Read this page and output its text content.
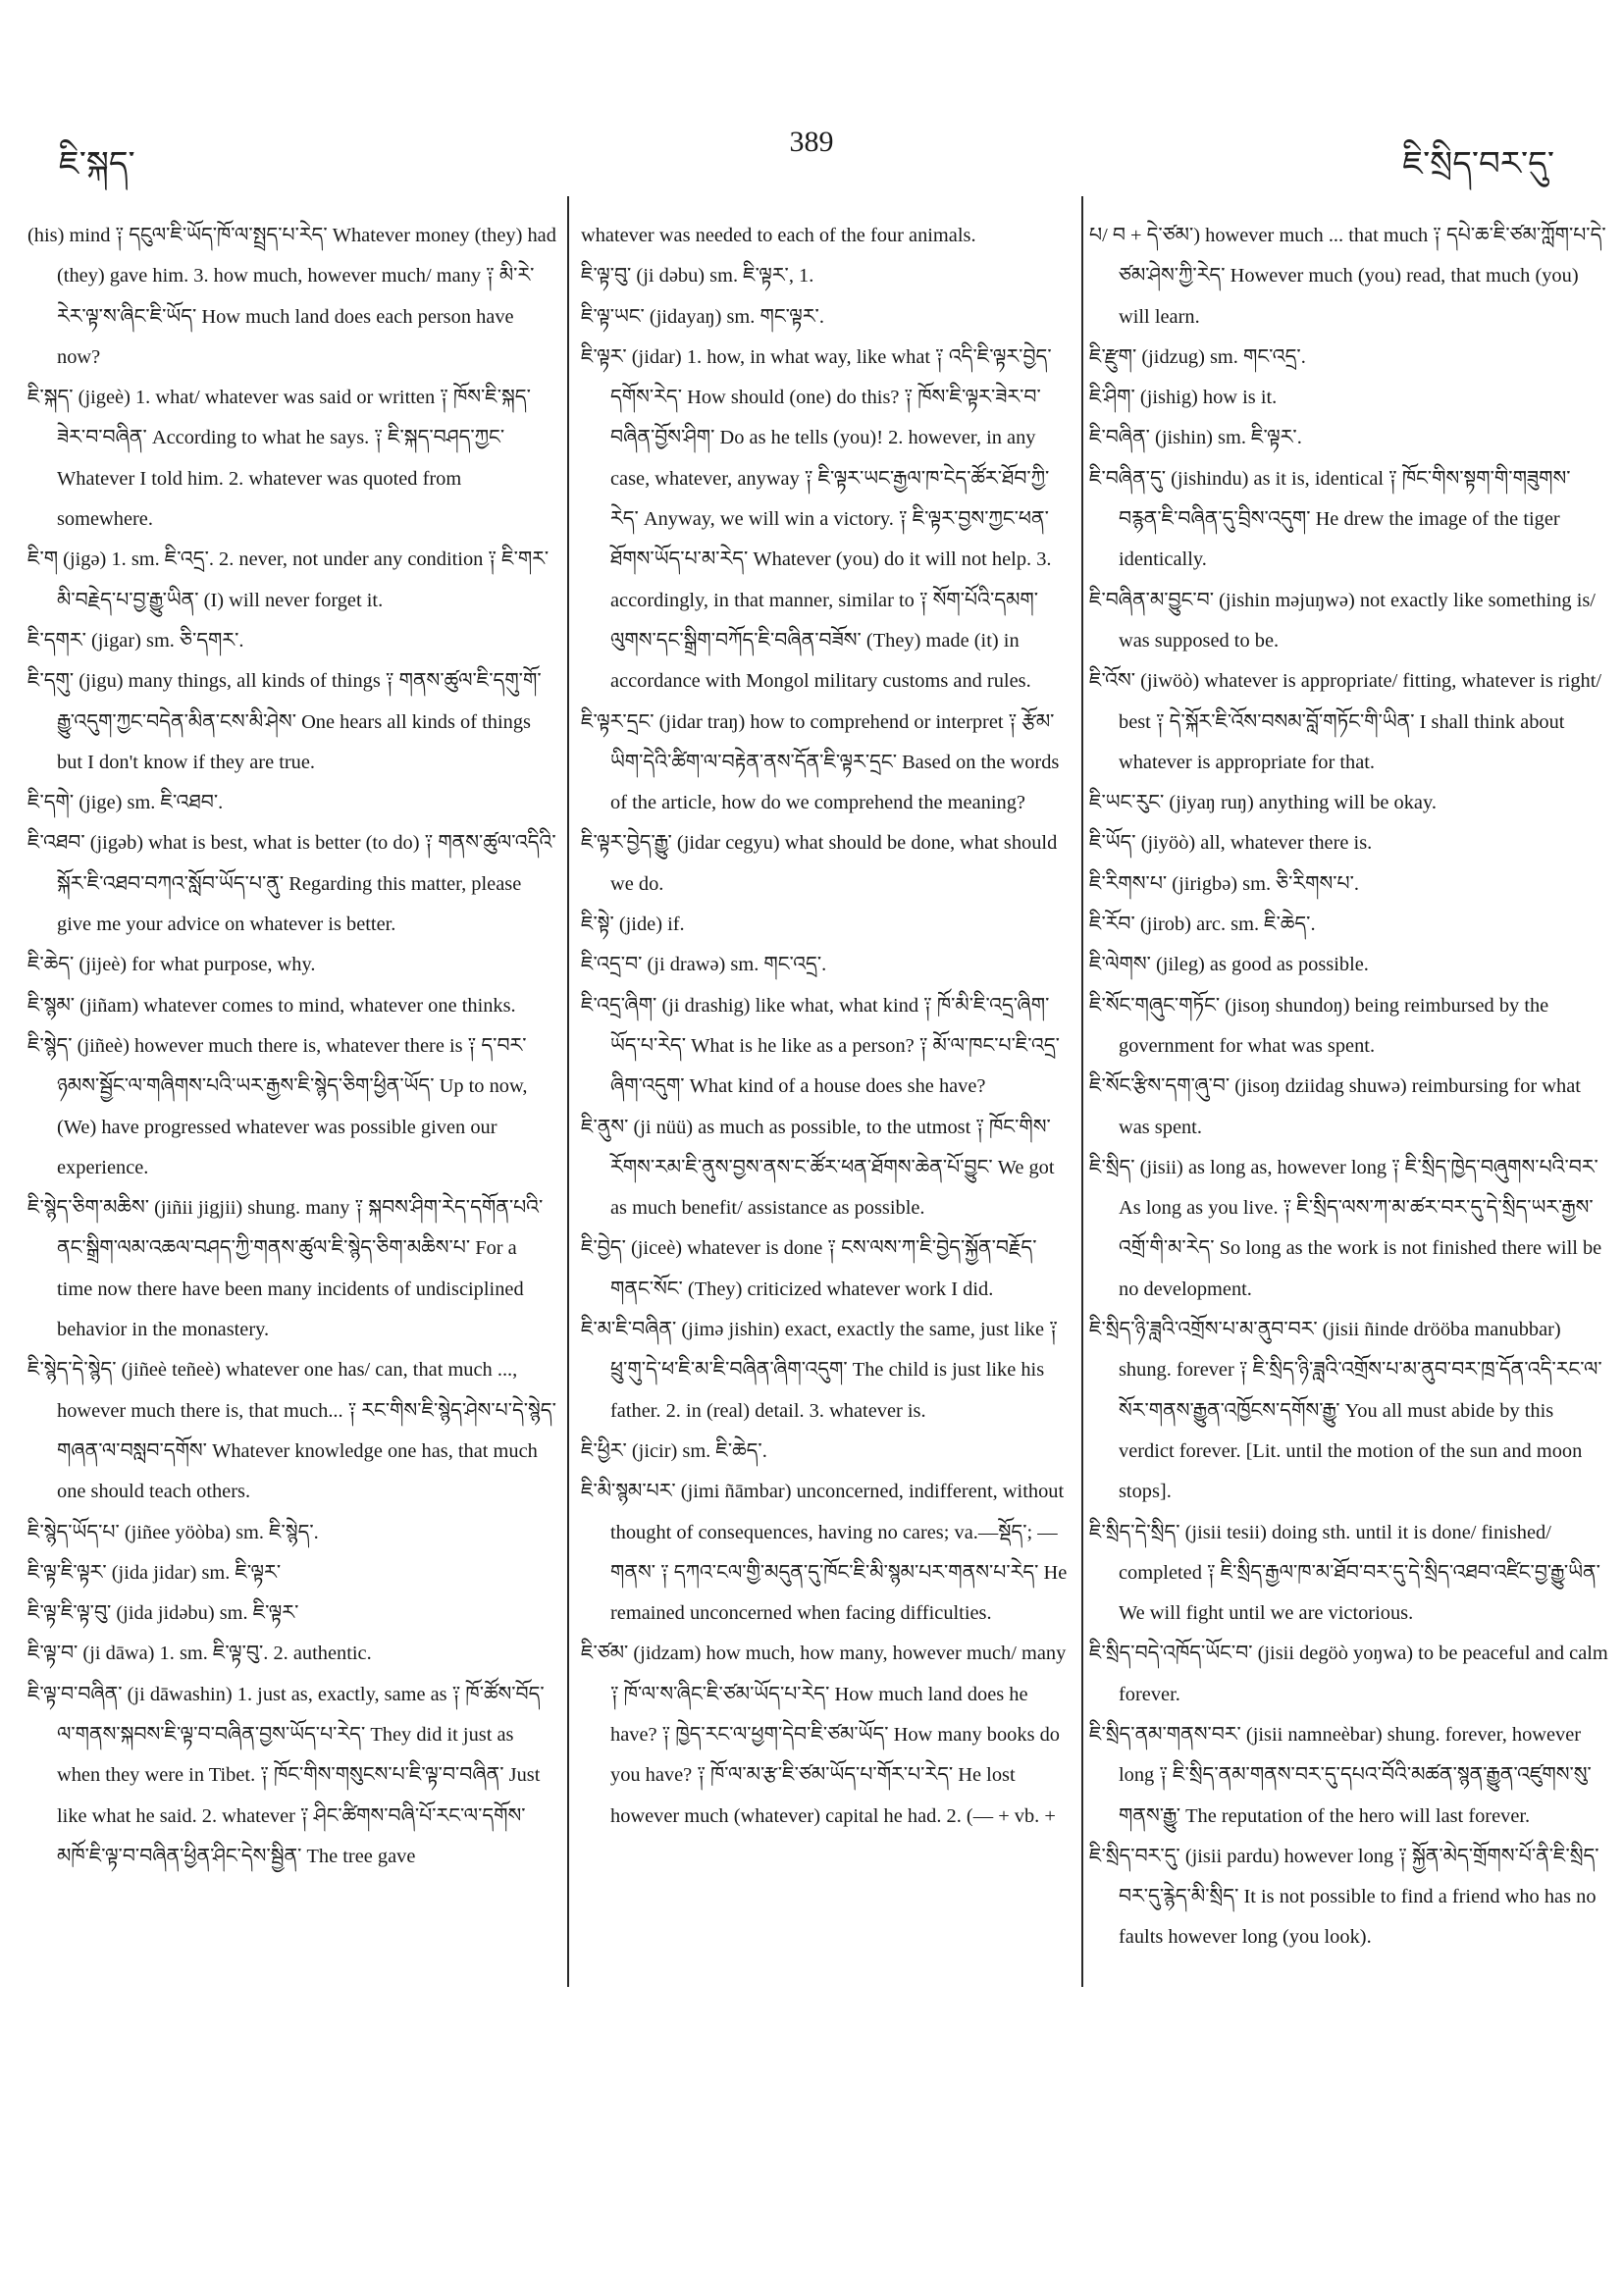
ཇི་སྐད་
389
ཇི་སྲིད་བར་དུ་

(his) mind ༑ དངུལ་ཇི་ཡོད་ཁོ་ལ་སྤྲད་པ་རེད་ Whatever money (they) had (they) gave him. 3. how much, however much/ many ༑ མི་རེ་རེར་ལྟ་ས་ཞིང་ཇི་ཡོད་ How much land does each person have now?

ཇི་སྐད་ (jigeè) 1. what/ whatever was said or written ༑ ཁོས་ཇི་སྐད་ཟེར་བ་བཞིན་ According to what he says. ༑ ཇི་སྐད་བཤད་ཀྱང་ Whatever I told him. 2. whatever was quoted from somewhere.

ཇི་ག (jigə) 1. sm. ཇི་འདྲ་. 2. never, not under any condition ༑ ཇི་གར་མི་བརྗེད་པ་བྱ་རྒྱུ་ཡིན་ (I) will never forget it.

ཇི་དགར་ (jigar) sm. ཅི་དགར་.

ཇི་དགུ་ (jigu) many things, all kinds of things ༑ གནས་ཚུལ་ཇི་དགུ་གོ་རྒྱུ་འདུག་ཀྱང་བདེན་མིན་ངས་མི་ཤེས་ One hears all kinds of things but I don't know if they are true.

ཇི་དགེ་ (jige) sm. ཇི་འཐབ་.

ཇི་འཐབ་ (jigəb) what is best, what is better (to do) ༑ གནས་ཚུལ་འདིའི་སྐོར་ཇི་འཐབ་བཀའ་སློབ་ཡོད་པ་ནུ་ Regarding this matter, please give me your advice on whatever is better.

ཇི་ཆེད་ (jijeè) for what purpose, why.

ཇི་སྙམ་ (jiñam) whatever comes to mind, whatever one thinks.

ཇི་སྙེད་ (jiñeè) however much there is, whatever there is ༑ ད་བར་ཉམས་སྦྱོང་ལ་གཞིགས་པའི་ཡར་རྒྱས་ཇི་སྙེད་ཅིག་ཕྱིན་ཡོད་ Up to now, (We) have progressed whatever was possible given our experience.

ཇི་སྙེད་ཅིག་མཆིས་ (jiñii jigjii) shung. many ༑ སྐབས་ཤིག་རེད་དགོན་པའི་ནང་སྒྲིག་ལམ་འཆལ་བཤད་ཀྱི་གནས་ཚུལ་ཇི་སྙེད་ཅིག་མཆིས་པ་ For a time now there have been many incidents of undisciplined behavior in the monastery.

ཇི་སྙེད་དེ་སྙེད་ (jiñeè teñeè) whatever one has/ can, that much ..., however much there is, that much... ༑ རང་གིས་ཇི་སྙེད་ཤེས་པ་དེ་སྙེད་གཞན་ལ་བསླབ་དགོས་ Whatever knowledge one has, that much one should teach others.

ཇི་སྙེད་ཡོད་པ་ (jiñee yöòba) sm. ཇི་སྙེད་.

ཇི་ལྟ་ཇི་ལྟར་ (jida jidar) sm. ཇི་ལྟར་

ཇི་ལྟ་ཇི་ལྟ་བུ་ (jida jidəbu) sm. ཇི་ལྟར་

ཇི་ལྟ་བ་ (ji dāwa) 1. sm. ཇི་ལྟ་བུ་. 2. authentic.

ཇི་ལྟ་བ་བཞིན་ (ji dāwashin) 1. just as, exactly, same as ༑ ཁོ་ཚོས་བོད་ལ་གནས་སྐབས་ཇི་ལྟ་བ་བཞིན་བྱས་ཡོད་པ་རེད་ They did it just as when they were in Tibet. ༑ ཁོང་གིས་གསུངས་པ་ཇི་ལྟ་བ་བཞིན་ Just like what he said. 2. whatever ༑ ཤིང་ཚིགས་བཞི་པོ་རང་ལ་དགོས་མཁོ་ཇི་ལྟ་བ་བཞིན་ཕྱིན་ཤིང་དེས་སྦྱིན་ The tree gave

whatever was needed to each of the four animals.

ཇི་ལྟ་བུ་ (ji dəbu) sm. ཇི་ལྟར་, 1.

ཇི་ལྟ་ཡང་ (jidayaŋ) sm. གང་ལྟར་.

ཇི་ལྟར་ (jidar) 1. how, in what way, like what ༑ འདི་ཇི་ལྟར་བྱེད་དགོས་རེད་ How should (one) do this? ༑ ཁོས་ཇི་ལྟར་ཟེར་བ་བཞིན་བྱོས་ཤིག་ Do as he tells (you)! 2. however, in any case, whatever, anyway ༑ ཇི་ལྟར་ཡང་རྒྱལ་ཁ་ངེད་ཚོར་ཐོབ་ཀྱི་རེད་ Anyway, we will win a victory. ༑ ཇི་ལྟར་བྱས་ཀྱང་ཕན་ཐོགས་ཡོད་པ་མ་རེད་ Whatever (you) do it will not help. 3. accordingly, in that manner, similar to ༑ སོག་པོའི་དམག་ལུགས་དང་སྒྲིག་བཀོད་ཇི་བཞིན་བཟོས་ (They) made (it) in accordance with Mongol military customs and rules.

ཇི་ལྟར་དྲང་ (jidar traŋ) how to comprehend or interpret ༑ རྩོམ་ཡིག་དེའི་ཚིག་ལ་བརྟེན་ནས་དོན་ཇི་ལྟར་དྲང་ Based on the words of the article, how do we comprehend the meaning?

ཇི་ལྟར་བྱེད་རྒྱུ་ (jidar cegyu) what should be done, what should we do.

ཇི་སྟེ་ (jide) if.

ཇི་འདྲ་བ་ (ji drawə) sm. གང་འདྲ་.

ཇི་འདྲ་ཞིག་ (ji drashig) like what, what kind ༑ ཁོ་མི་ཇི་འདྲ་ཞིག་ཡོད་པ་རེད་ What is he like as a person? ༑ མོ་ལ་ཁང་པ་ཇི་འདྲ་ཞིག་འདུག་ What kind of a house does she have?

ཇི་ནུས་ (ji nüü) as much as possible, to the utmost ༑ ཁོང་གིས་རོགས་རམ་ཇི་ནུས་བྱས་ནས་ང་ཚོར་ཕན་ཐོགས་ཆེན་པོ་བྱུང་ We got as much benefit/ assistance as possible.

ཇི་བྱེད་ (jiceè) whatever is done ༑ ངས་ལས་ཀ་ཇི་བྱེད་སྐྱོན་བརྗོད་གནང་སོང་ (They) criticized whatever work I did.

ཇི་མ་ཇི་བཞིན་ (jimə jishin) exact, exactly the same, just like ༑ ཕྲུ་གུ་དེ་ཕ་ཇི་མ་ཇི་བཞིན་ཞིག་འདུག་ The child is just like his father. 2. in (real) detail. 3. whatever is.

ཇི་ཕྱིར་ (jicir) sm. ཇི་ཆེད་.

ཇི་མི་སྙམ་པར་ (jimi ñāmbar) unconcerned, indifferent, without thought of consequences, having no cares; va.—སྡོད་; —གནས་ ༑ དཀའ་ངལ་གྱི་མདུན་དུ་ཁོང་ཇི་མི་སྙམ་པར་གནས་པ་རེད་ He remained unconcerned when facing difficulties.

ཇི་ཙམ་ (jidzam) how much, how many, however much/ many ༑ ཁོ་ལ་ས་ཞིང་ཇི་ཙམ་ཡོད་པ་རེད་ How much land does he have? ༑ ཁྱེད་རང་ལ་ཕྱག་དེབ་ཇི་ཙམ་ཡོད་ How many books do you have? ༑ ཁོ་ལ་མ་རྩ་ཇི་ཙམ་ཡོད་པ་གོར་པ་རེད་ He lost however much (whatever) capital he had. 2. (— + vb. +

པ/ བ + དེ་ཙམ་) however much ... that much ༑ དཔེ་ཆ་ཇི་ཙམ་ཀློག་པ་དེ་ཙམ་ཤེས་ཀྱི་རེད་ However much (you) read, that much (you) will learn.

ཇི་རྫུག་ (jidzug) sm. གང་འདྲ་.

ཇི་ཤིག་ (jishig) how is it.

ཇི་བཞིན་ (jishin) sm. ཇི་ལྟར་.

ཇི་བཞིན་དུ་ (jishindu) as it is, identical ༑ ཁོང་གིས་སྟག་གི་གཟུགས་བརྙན་ཇི་བཞིན་དུ་བྲིས་འདུག་ He drew the image of the tiger identically.

ཇི་བཞིན་མ་བྱུང་བ་ (jishin məjuŋwə) not exactly like something is/ was supposed to be.

ཇི་འོས་ (jiwöò) whatever is appropriate/ fitting, whatever is right/ best ༑ དེ་སྐོར་ཇི་འོས་བསམ་བློ་གཏོང་གི་ཡིན་ I shall think about whatever is appropriate for that.

ཇི་ཡང་རུང་ (jiyaŋ ruŋ) anything will be okay.

ཇི་ཡོད་ (jiyöò) all, whatever there is.

ཇི་རིགས་པ་ (jirigbə) sm. ཅི་རིགས་པ་.

ཇི་རོབ་ (jirob) arc. sm. ཇི་ཆེད་.

ཇི་ལེགས་ (jileg) as good as possible.

ཇི་སོང་གཞུང་གཏོང་ (jisoŋ shundoŋ) being reimbursed by the government for what was spent.

ཇི་སོང་རྩིས་དག་ཞུ་བ་ (jisoŋ dziidag shuwə) reimbursing for what was spent.

ཇི་སྲིད་ (jisii) as long as, however long ༑ ཇི་སྲིད་ཁྱེད་བཞུགས་པའི་བར་ As long as you live. ༑ ཇི་སྲིད་ལས་ཀ་མ་ཚར་བར་དུ་དེ་སྲིད་ཡར་རྒྱས་འགྲོ་གི་མ་རེད་ So long as the work is not finished there will be no development.

ཇི་སྲིད་ཉི་ཟླའི་འགྲོས་པ་མ་ནུབ་བར་ (jisii ñinde drööba manubbar) shung. forever ༑ ཇི་སྲིད་ཉི་ཟླའི་འགྲོས་པ་མ་ནུབ་བར་ཁྲ་དོན་འདི་རང་ལ་སོར་གནས་རྒྱུན་འཁྱོངས་དགོས་རྒྱུ་ You all must abide by this verdict forever. [Lit. until the motion of the sun and moon stops].

ཇི་སྲིད་དེ་སྲིད་ (jisii tesii) doing sth. until it is done/ finished/ completed ༑ ཇི་སྲིད་རྒྱལ་ཁ་མ་ཐོབ་བར་དུ་དེ་སྲིད་འཐབ་འཛིང་བྱ་རྒྱུ་ཡིན་ We will fight until we are victorious.

ཇི་སྲིད་བདེ་འཁོད་ཡོང་བ་ (jisii degöò yoŋwa) to be peaceful and calm forever.

ཇི་སྲིད་ནམ་གནས་བར་ (jisii namneèbar) shung. forever, however long ༑ ཇི་སྲིད་ནམ་གནས་བར་དུ་དཔའ་བོའི་མཚན་སྙན་རྒྱུན་འཛུགས་སུ་གནས་རྒྱུ་ The reputation of the hero will last forever.

ཇི་སྲིད་བར་དུ་ (jisii pardu) however long ༑ སྐྱོན་མེད་གྲོགས་པོ་ནི་ཇི་སྲིད་བར་དུ་རྙེད་མི་སྲིད་ It is not possible to find a friend who has no faults however long (you look).
